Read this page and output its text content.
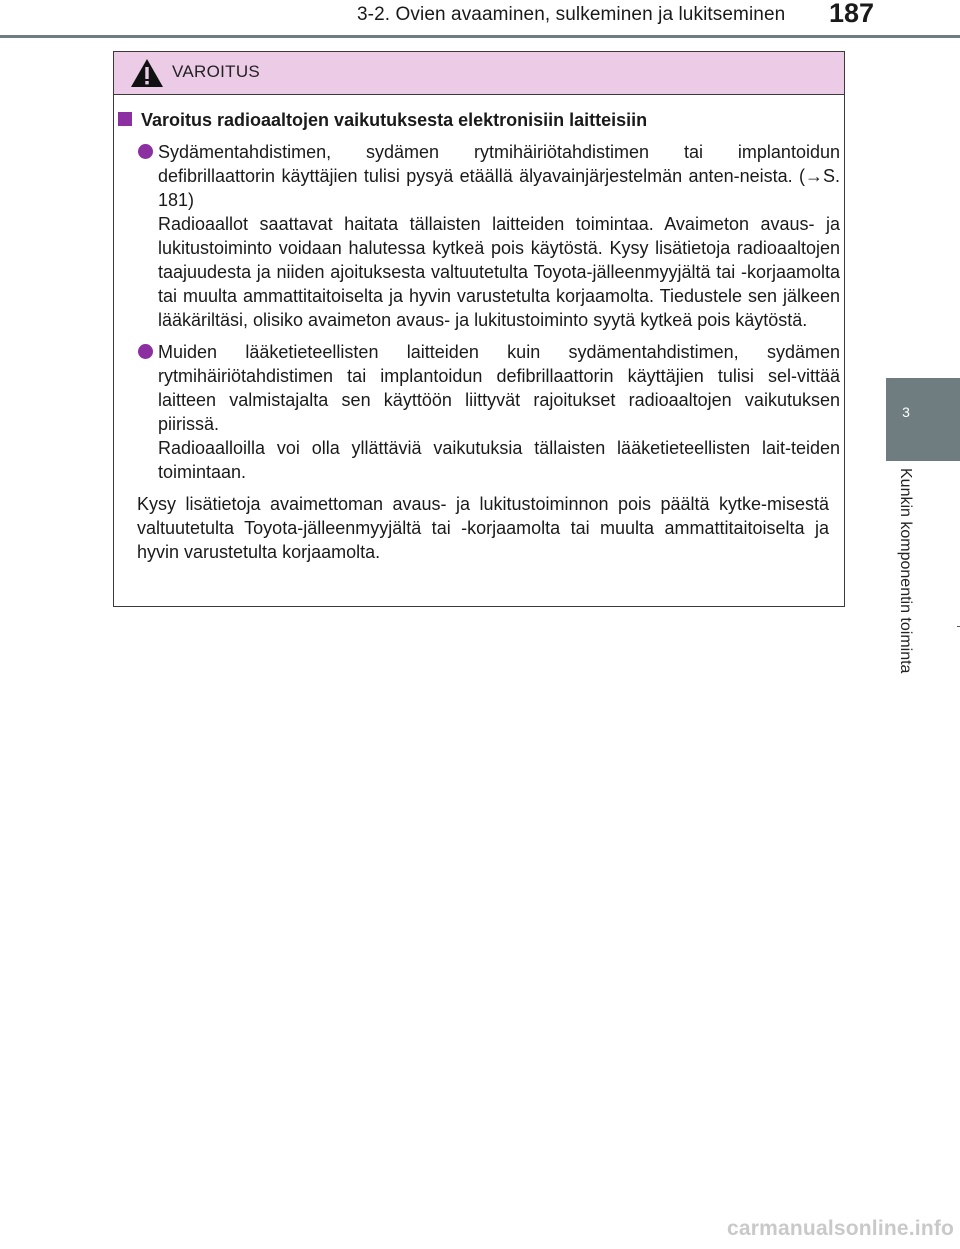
3-2. Ovien avaaminen, sulkeminen ja lukitseminen 187
3
Kunkin komponentin toiminta
VAROITUS
Varoitus radioaaltojen vaikutuksesta elektronisiin laitteisiin

Sydämentahdistimen, sydämen rytmihäiriötahdistimen tai implantoidun defibrillaattorin käyttäjien tulisi pysyä etäällä älyavainjärjestelmän anten-neista. (→S. 181)

Radioaallot saattavat haitata tällaisten laitteiden toimintaa. Avaimeton avaus- ja lukitustoiminto voidaan halutessa kytkeä pois käytöstä. Kysy lisätietoja radioaaltojen taajuudesta ja niiden ajoituksesta valtuutetulta Toyota-jälleenmyyjältä tai -korjaamolta tai muulta ammattitaitoiselta ja hyvin varustetulta korjaamolta. Tiedustele sen jälkeen lääkäriltäsi, olisiko avaimeton avaus- ja lukitustoiminto syytä kytkeä pois käytöstä.

Muiden lääketieteellisten laitteiden kuin sydämentahdistimen, sydämen rytmihäiriötahdistimen tai implantoidun defibrillaattorin käyttäjien tulisi sel-vittää laitteen valmistajalta sen käyttöön liittyvät rajoitukset radioaaltojen vaikutuksen piirissä.

Radioaalloilla voi olla yllättäviä vaikutuksia tällaisten lääketieteellisten lait-teiden toimintaan.

Kysy lisätietoja avaimettoman avaus- ja lukitustoiminnon pois päältä kytke-misestä valtuutetulta Toyota-jälleenmyyjältä tai -korjaamolta tai muulta ammattitaitoiselta ja hyvin varustetulta korjaamolta.
carmanualsonline.info
